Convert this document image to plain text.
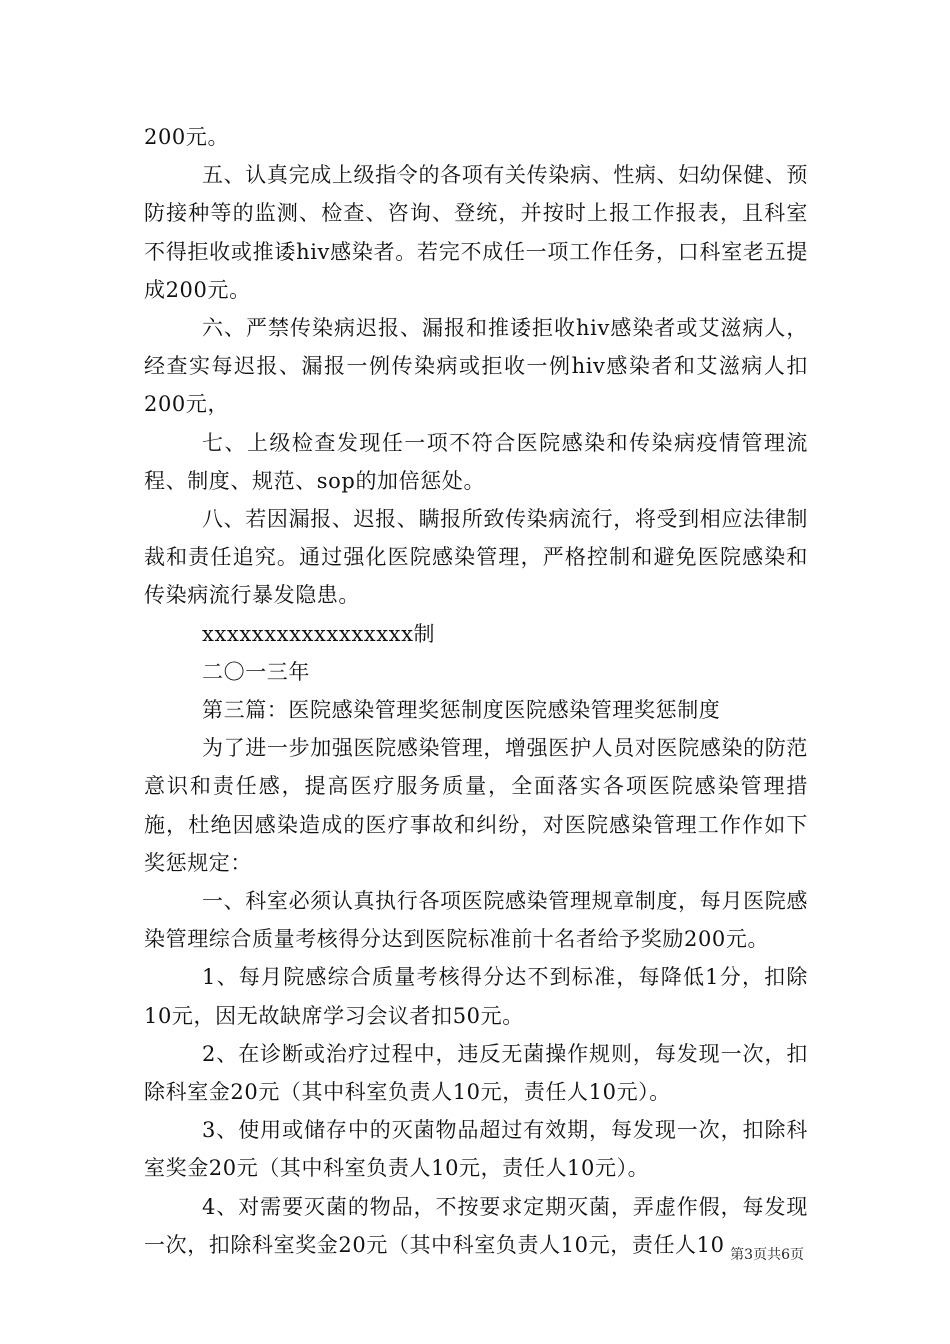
200元。

五、认真完成上级指令的各项有关传染病、性病、妇幼保健、预防接种等的监测、检查、咨询、登统，并按时上报工作报表，且科室不得拒收或推诿hiv感染者。若完不成任一项工作任务，口科室老五提成200元。

六、严禁传染病迟报、漏报和推诿拒收hiv感染者或艾滋病人，经查实每迟报、漏报一例传染病或拒收一例hiv感染者和艾滋病人扣200元，

七、上级检查发现任一项不符合医院感染和传染病疫情管理流程、制度、规范、sop的加倍惩处。

八、若因漏报、迟报、瞒报所致传染病流行，将受到相应法律制裁和责任追究。通过强化医院感染管理，严格控制和避免医院感染和传染病流行暴发隐患。

xxxxxxxxxxxxxxxxx制

二〇一三年

第三篇：医院感染管理奖惩制度医院感染管理奖惩制度

为了进一步加强医院感染管理，增强医护人员对医院感染的防范意识和责任感，提高医疗服务质量，全面落实各项医院感染管理措施，杜绝因感染造成的医疗事故和纠纷，对医院感染管理工作作如下奖惩规定：

一、科室必须认真执行各项医院感染管理规章制度，每月医院感染管理综合质量考核得分达到医院标准前十名者给予奖励200元。

1、每月院感综合质量考核得分达不到标准，每降低1分，扣除10元，因无故缺席学习会议者扣50元。

2、在诊断或治疗过程中，违反无菌操作规则，每发现一次，扣除科室金20元（其中科室负责人10元，责任人10元）。

3、使用或储存中的灭菌物品超过有效期，每发现一次，扣除科室奖金20元（其中科室负责人10元，责任人10元）。

4、对需要灭菌的物品，不按要求定期灭菌，弄虚作假，每发现一次，扣除科室奖金20元（其中科室负责人10元，责任人10 第3页共6页
